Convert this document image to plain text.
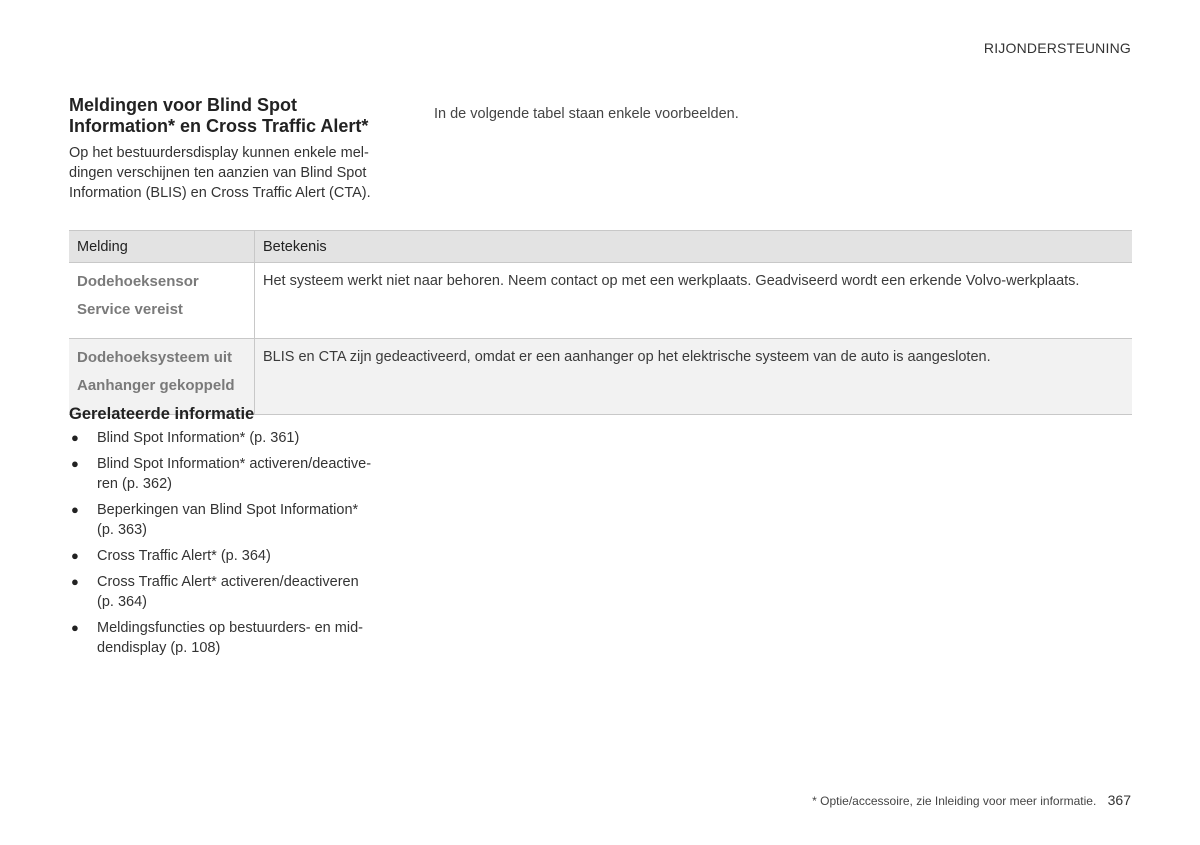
RIJONDERSTEUNING
Meldingen voor Blind Spot
Information* en Cross Traffic Alert*

Op het bestuurdersdisplay kunnen enkele mel-
dingen verschijnen ten aanzien van Blind Spot
Information (BLIS) en Cross Traffic Alert (CTA).

In de volgende tabel staan enkele voorbeelden.

Melding	Betekenis

Dodehoeksensor
Service vereist	Het systeem werkt niet naar behoren. Neem contact op met een werkplaats. Geadviseerd wordt een erkende Volvo-werkplaats.

Dodehoeksysteem uit
Aanhanger gekoppeld	BLIS en CTA zijn gedeactiveerd, omdat er een aanhanger op het elektrische systeem van de auto is aangesloten.
Gerelateerde informatie
● Blind Spot Information* (p. 361)
● Blind Spot Information* activeren/deactive-
ren (p. 362)
● Beperkingen van Blind Spot Information*
(p. 363)
● Cross Traffic Alert* (p. 364)
● Cross Traffic Alert* activeren/deactiveren
(p. 364)
● Meldingsfuncties op bestuurders- en mid-
dendisplay (p. 108)
* Optie/accessoire, zie Inleiding voor meer informatie. 367
